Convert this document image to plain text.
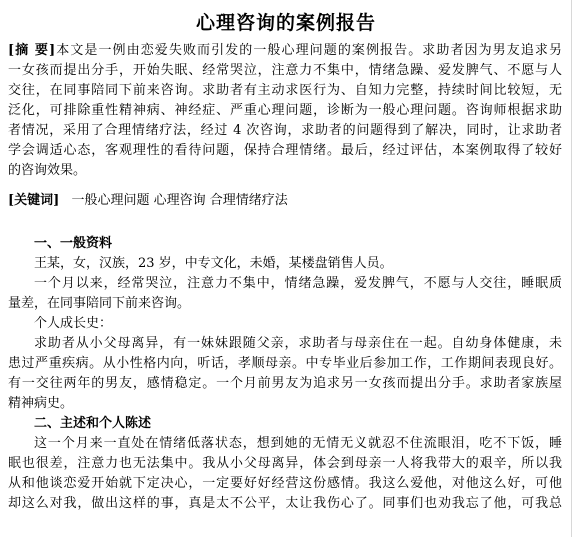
心理咨询的案例报告
[摘 要]本文是一例由恋爱失败而引发的一般心理问题的案例报告。求助者因为男友追求另
一女孩而提出分手，开始失眠、经常哭泣，注意力不集中，情绪急躁、爱发脾气、不愿与人
交往，在同事陪同下前来咨询。求助者有主动求医行为、自知力完整，持续时间比较短，无
泛化，可排除重性精神病、神经症、严重心理问题，诊断为一般心理问题。咨询师根据求助
者情况，采用了合理情绪疗法，经过 4 次咨询，求助者的问题得到了解决，同时，让求助者
学会调适心态，客观理性的看待问题，保持合理情绪。最后，经过评估，本案例取得了较好
的咨询效果。
[关键词] 一般心理问题 心理咨询 合理情绪疗法
一、一般资料
王某，女，汉族，23 岁，中专文化，未婚，某楼盘销售人员。
一个月以来，经常哭泣，注意力不集中，情绪急躁，爱发脾气，不愿与人交往，睡眠质
量差，在同事陪同下前来咨询。
个人成长史：
求助者从小父母离异，有一妹妹跟随父亲，求助者与母亲住在一起。自幼身体健康，未
患过严重疾病。从小性格内向，听话，孝顺母亲。中专毕业后参加工作，工作期间表现良好。
有一交往两年的男友，感情稳定。一个月前男友为追求另一女孩而提出分手。求助者家族屋
精神病史。
二、主述和个人陈述
这一个月来一直处在情绪低落状态，想到她的无情无义就忍不住流眼泪，吃不下饭，睡
眠也很差，注意力也无法集中。我从小父母离异，体会到母亲一人将我带大的艰辛，所以我
从和他谈恋爱开始就下定决心，一定要好好经营这份感情。我这么爱他，对他这么好，可他
却这么对我，做出这样的事，真是太不公平，太让我伤心了。同事们也劝我忘了他，可我总
